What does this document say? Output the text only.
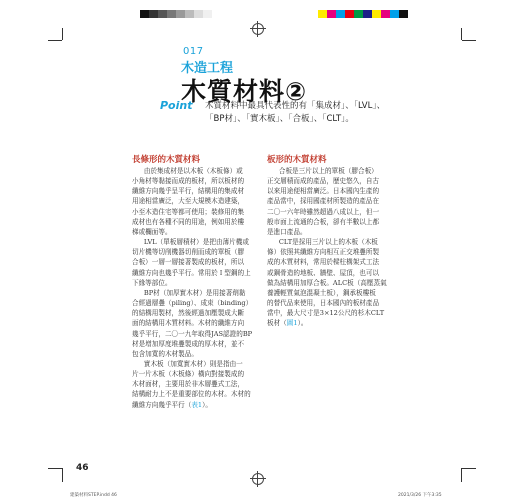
017
木造工程
木質材料②
Point 木質材料中最具代表性的有「集成材」、「LVL」、
「BP材」、「實木板」、「合板」、「CLT」。
長條形的木質材料

由於集成材是以木板（木板條）或

小角材等黏接而成的板材，所以板材的
纖維方向幾乎呈平行，結構用的集成材
用途相當廣泛，大至大規模木造建築，
小至木造住宅等都可使用；裝修用的集
成材也有各種不同的用途，例如用於樓
梯或欄面等。

LVL（單板層積材）是把由薄片機或

切片機等切削機器切削而成的單板（膠
合板）一層一層接著製成的板材，所以
纖維方向也幾乎平行。常用於Ｉ型鋼的上
下緣等部位。

BP材（加厚實木材）是用接著劑黏

合經過層疊（piling）、成束（binding）
的結構用製材，然後經過加壓製成大斷
面的結構用木質材料。木材的纖維方向
幾乎平行，二〇一九年取得JAS認證的BP
材是增加厚度堆疊製成的厚木材，並不
包含加寬的木材製品。

實木板（加寬實木材）則是指由一

片一片木板（木板條）橫向對接製成的
木材面材，主要用於非木層疊式工法，
結構耐力上不是重要部位的木材。木材的
纖維方向幾乎平行（表1）。
板形的木質材料

合板是三片以上的單板（膠合板）

正交層積而成的產品，歷史悠久，自古
以來用途便相當廣泛。日本國內生產的
產品當中，採用國產材所製造的產品在
二〇一六年時雖然超過八成以上，但一
般市面上流通的合板，卻有半數以上都
是進口產品。

CLT是採用三片以上的木板（木板

條）依照其纖維方向相互正交堆疊所製
成的木質材料，常用於樑柱構架式工法
或鋼骨造的地板、牆壁、屋頂，也可以
做為結構用加厚合板。ALC板（高壓蒸氣
養護輕質氣泡混凝土板），鋼承板樓板
的替代品來使用，日本國內的板材產品
當中，最大尺寸是3×12公尺的杉木CLT
板材（圖1）。
46
建築材料STEP.indd 46	2021/3/26 下午3:35
